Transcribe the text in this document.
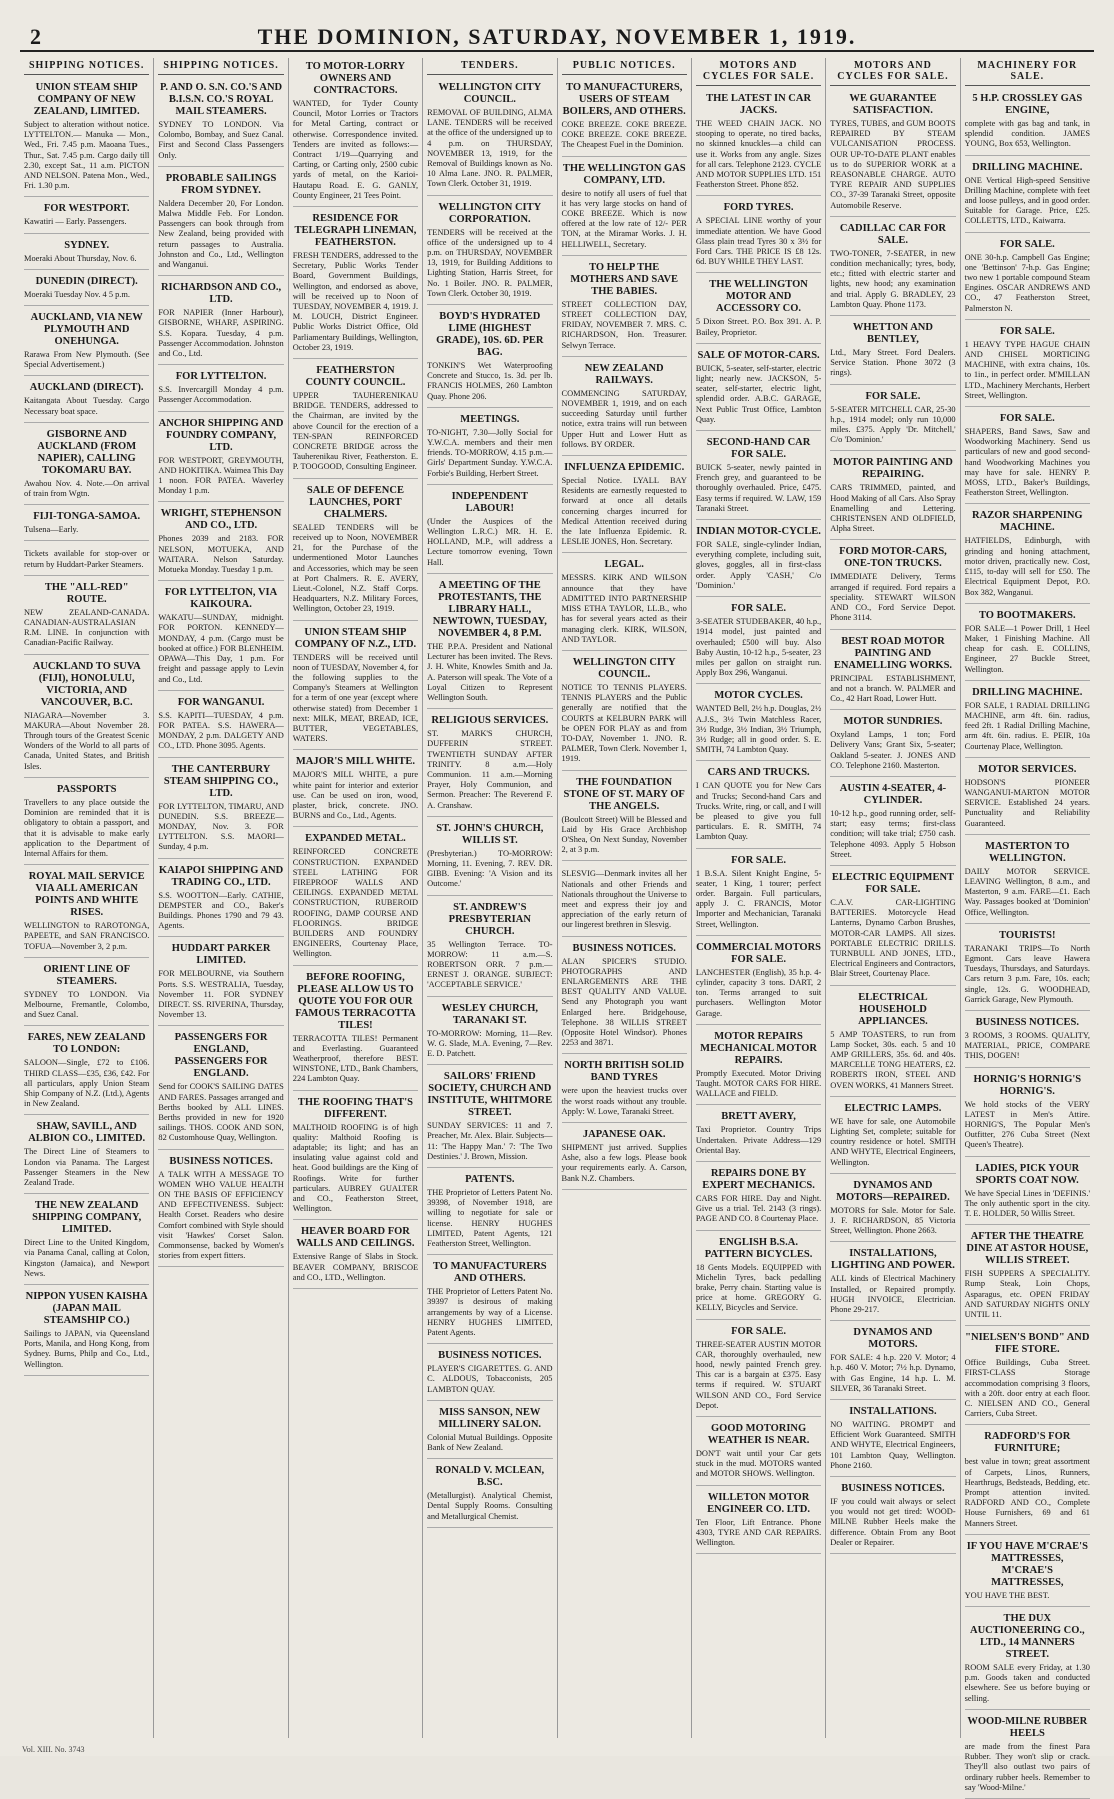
2	THE DOMINION, SATURDAY, NOVEMBER 1, 1919.
SHIPPING NOTICES.
UNION STEAM SHIP COMPANY OF NEW ZEALAND, LIMITED.
Subject to alteration without notice. LYTTELTON.— Manuka — Mon., Wed., Fri. 7.45 p.m. Maoana Tues., Thur., Sat. 7.45 p.m. Cargo daily till 2.30, except Sat., 11 a.m. PICTON AND NELSON. Patena Mon., Wed., Fri. 1.30 p.m.
FOR WESTPORT.
Kawatiri — Early. Passengers.
SYDNEY.
Moeraki About Thursday, Nov. 6.
DUNEDIN (DIRECT).
Moeraki Tuesday Nov. 4 5 p.m.
AUCKLAND, VIA NEW PLYMOUTH AND ONEHUNGA.
Rarawa From New Plymouth. (See Special Advertisement.)
AUCKLAND (DIRECT).
Kaitangata About Tuesday. Cargo Necessary boat space.
GISBORNE AND AUCKLAND (FROM NAPIER), CALLING TOKOMARU BAY.
Awahou Nov. 4. Note.—On arrival of train from Wgtn.
FIJI-TONGA-SAMOA.
Tulsena—Early.
Tickets available for stop-over or return by Huddart-Parker Steamers.
THE "ALL-RED" ROUTE.
NEW ZEALAND-CANADA. CANADIAN-AUSTRALASIAN R.M. LINE. In conjunction with Canadian-Pacific Railway.
AUCKLAND TO SUVA (FIJI), HONOLULU, VICTORIA, AND VANCOUVER, B.C.
NIAGARA—November 3. MAKURA—About November 28. Through tours of the Greatest Scenic Wonders of the World to all parts of Canada, United States, and British Isles.
PASSPORTS
Travellers to any place outside the Dominion are reminded that it is obligatory to obtain a passport, and that it is advisable to make early application to the Department of Internal Affairs for them.
ROYAL MAIL SERVICE VIA ALL AMERICAN POINTS AND WHITE RISES.
WELLINGTON to RAROTONGA, PAPEETE, and SAN FRANCISCO. TOFUA—November 3, 2 p.m.
ORIENT LINE OF STEAMERS.
SYDNEY TO LONDON. Via Melbourne, Fremantle, Colombo, and Suez Canal.
FARES, NEW ZEALAND TO LONDON:
SALOON—Single, £72 to £106. THIRD CLASS—£35, £36, £42. For all particulars, apply Union Steam Ship Company of N.Z. (Ltd.), Agents in New Zealand.
SHAW, SAVILL, AND ALBION CO., LIMITED.
The Direct Line of Steamers to London via Panama. The Largest Passenger Steamers in the New Zealand Trade.
THE NEW ZEALAND SHIPPING COMPANY, LIMITED.
Direct Line to the United Kingdom, via Panama Canal, calling at Colon, Kingston (Jamaica), and Newport News.
NIPPON YUSEN KAISHA (JAPAN MAIL STEAMSHIP CO.)
Sailings to JAPAN, via Queensland Ports, Manila, and Hong Kong, from Sydney. Burns, Philp and Co., Ltd., Wellington.
SHIPPING NOTICES.
P. AND O. S.N. CO.'S AND B.I.S.N. CO.'S ROYAL MAIL STEAMERS.
SYDNEY TO LONDON. Via Colombo, Bombay, and Suez Canal. First and Second Class Passengers Only.
PROBABLE SAILINGS FROM SYDNEY.
Naldera December 20, For London. Malwa Middle Feb. For London. Passengers can book through from New Zealand, being provided with return passages to Australia. Johnston and Co., Ltd., Wellington and Wanganui.
RICHARDSON AND CO., LTD.
FOR NAPIER (Inner Harbour), GISBORNE, WHARF, ASPIRING. S.S. Kopara. Tuesday, 4 p.m. Passenger Accommodation. Johnston and Co., Ltd.
FOR LYTTELTON.
S.S. Invercargill Monday 4 p.m. Passenger Accommodation.
ANCHOR SHIPPING AND FOUNDRY COMPANY, LTD.
FOR WESTPORT, GREYMOUTH, AND HOKITIKA. Waimea This Day 1 noon. FOR PATEA. Waverley Monday 1 p.m.
WRIGHT, STEPHENSON AND CO., LTD.
Phones 2039 and 2183. FOR NELSON, MOTUEKA, AND WAITARA. Nelson Saturday. Motueka Monday. Tuesday 1 p.m.
FOR LYTTELTON, VIA KAIKOURA.
WAKATU—SUNDAY, midnight. FOR PORTON. KENNEDY—MONDAY, 4 p.m. (Cargo must be booked at office.) FOR BLENHEIM. OPAWA—This Day, 1 p.m. For freight and passage apply to Levin and Co., Ltd.
FOR WANGANUI.
S.S. KAPITI—TUESDAY, 4 p.m. FOR PATEA. S.S. HAWERA—MONDAY, 2 p.m. DALGETY AND CO., LTD. Phone 3095. Agents.
THE CANTERBURY STEAM SHIPPING CO., LTD.
FOR LYTTELTON, TIMARU, AND DUNEDIN. S.S. BREEZE—MONDAY, Nov. 3. FOR LYTTELTON. S.S. MAORI—Sunday, 4 p.m.
KAIAPOI SHIPPING AND TRADING CO., LTD.
S.S. WOOTTON—Early. CATHIE, DEMPSTER and CO., Baker's Buildings. Phones 1790 and 79 43. Agents.
HUDDART PARKER LIMITED.
FOR MELBOURNE, via Southern Ports. S.S. WESTRALIA, Tuesday, November 11. FOR SYDNEY DIRECT. SS. RIVERINA, Thursday, November 13.
PASSENGERS FOR ENGLAND, PASSENGERS FOR ENGLAND.
Send for COOK'S SAILING DATES AND FARES. Passages arranged and Berths booked by ALL LINES. Berths provided in new for 1920 sailings. THOS. COOK AND SON, 82 Customhouse Quay, Wellington.
BUSINESS NOTICES.
A TALK WITH A MESSAGE TO WOMEN WHO VALUE HEALTH ON THE BASIS OF EFFICIENCY AND EFFECTIVENESS. Subject: Health Corset. Readers who desire Comfort combined with Style should visit 'Hawkes' Corset Salon. Commonsense, backed by Women's stories from expert fitters.
TO MOTOR-LORRY OWNERS AND CONTRACTORS.
WANTED, for Tyder County Council, Motor Lorries or Tractors for Metal Carting, contract or otherwise. Correspondence invited. Tenders are invited as follows:— Contract 1/19—Quarrying and Carting, or Carting only, 2500 cubic yards of metal, on the Karioi-Hautapu Road. E. G. GANLY, County Engineer, 21 Tees Point.
RESIDENCE FOR TELEGRAPH LINEMAN, FEATHERSTON.
FRESH TENDERS, addressed to the Secretary, Public Works Tender Board, Government Buildings, Wellington, and endorsed as above, will be received up to Noon of TUESDAY, NOVEMBER 4, 1919. J. M. LOUCH, District Engineer. Public Works District Office, Old Parliamentary Buildings, Wellington, October 23, 1919.
FEATHERSTON COUNTY COUNCIL.
UPPER TAUHERENIKAU BRIDGE. TENDERS, addressed to the Chairman, are invited by the above Council for the erection of a TEN-SPAN REINFORCED CONCRETE BRIDGE across the Tauherenikau River, Featherston. E. P. TOOGOOD, Consulting Engineer.
SALE OF DEFENCE LAUNCHES, PORT CHALMERS.
SEALED TENDERS will be received up to Noon, NOVEMBER 21, for the Purchase of the undermentioned Motor Launches and Accessories, which may be seen at Port Chalmers. R. E. AVERY, Lieut.-Colonel, N.Z. Staff Corps. Headquarters, N.Z. Military Forces, Wellington, October 23, 1919.
UNION STEAM SHIP COMPANY OF N.Z., LTD.
TENDERS will be received until noon of TUESDAY, November 4, for the following supplies to the Company's Steamers at Wellington for a term of one year (except where otherwise stated) from December 1 next: MILK, MEAT, BREAD, ICE, BUTTER, VEGETABLES, WATERS.
MAJOR'S MILL WHITE.
MAJOR'S MILL WHITE, a pure white paint for interior and exterior use. Can be used on iron, wood, plaster, brick, concrete. JNO. BURNS and Co., Ltd., Agents.
EXPANDED METAL.
REINFORCED CONCRETE CONSTRUCTION. EXPANDED STEEL LATHING FOR FIREPROOF WALLS AND CEILINGS. EXPANDED METAL CONSTRUCTION, RUBEROID ROOFING, DAMP COURSE AND FLOORINGS. BRIDGE BUILDERS AND FOUNDRY ENGINEERS, Courtenay Place, Wellington.
BEFORE ROOFING, PLEASE ALLOW US TO QUOTE YOU FOR OUR FAMOUS TERRACOTTA TILES!
TERRACOTTA TILES! Permanent and Everlasting. Guaranteed Weatherproof, therefore BEST. WINSTONE, LTD., Bank Chambers, 224 Lambton Quay.
THE ROOFING THAT'S DIFFERENT.
MALTHOID ROOFING is of high quality: Malthoid Roofing is adaptable; its light; and has an insulating value against cold and heat. Good buildings are the King of Roofings. Write for further particulars. AUBREY GUALTER and CO., Featherston Street, Wellington.
HEAVER BOARD FOR WALLS AND CEILINGS.
Extensive Range of Slabs in Stock. BEAVER COMPANY, BRISCOE and CO., LTD., Wellington.
TENDERS.
WELLINGTON CITY COUNCIL.
REMOVAL OF BUILDING, ALMA LANE. TENDERS will be received at the office of the undersigned up to 4 p.m. on THURSDAY, NOVEMBER 13, 1919, for the Removal of Buildings known as No. 10 Alma Lane. JNO. R. PALMER, Town Clerk. October 31, 1919.
WELLINGTON CITY CORPORATION.
TENDERS will be received at the office of the undersigned up to 4 p.m. on THURSDAY, NOVEMBER 13, 1919, for Building Additions to Lighting Station, Harris Street, for No. 1 Boiler. JNO. R. PALMER, Town Clerk. October 30, 1919.
BOYD'S HYDRATED LIME (HIGHEST GRADE), 10S. 6D. PER BAG.
TONKIN'S Wet Waterproofing Concrete and Stucco, 1s. 3d. per lb. FRANCIS HOLMES, 260 Lambton Quay. Phone 206.
MEETINGS.
TO-NIGHT, 7.30—Jolly Social for Y.W.C.A. members and their men friends. TO-MORROW, 4.15 p.m.—Girls' Department Sunday. Y.W.C.A. Forbie's Building, Herbert Street.
INDEPENDENT LABOUR!
(Under the Auspices of the Wellington L.R.C.) MR. H. E. HOLLAND, M.P., will address a Lecture tomorrow evening, Town Hall.
A MEETING OF THE PROTESTANTS, THE LIBRARY HALL, NEWTOWN, TUESDAY, NOVEMBER 4, 8 P.M.
THE P.P.A. President and National Lecturer has been invited. The Revs. J. H. White, Knowles Smith and Ja. A. Paterson will speak. The Vote of a Loyal Citizen to Represent Wellington South.
RELIGIOUS SERVICES.
ST. MARK'S CHURCH, DUFFERIN STREET. TWENTIETH SUNDAY AFTER TRINITY. 8 a.m.—Holy Communion. 11 a.m.—Morning Prayer, Holy Communion, and Sermon. Preacher: The Reverend F. A. Cranshaw.
ST. JOHN'S CHURCH, WILLIS ST.
(Presbyterian.) TO-MORROW: Morning, 11. Evening, 7. REV. DR. GIBB. Evening: 'A Vision and its Outcome.'
ST. ANDREW'S PRESBYTERIAN CHURCH.
35 Wellington Terrace. TO-MORROW: 11 a.m.—S. ROBERTSON ORR. 7 p.m.—ERNEST J. ORANGE. SUBJECT: 'ACCEPTABLE SERVICE.'
WESLEY CHURCH, TARANAKI ST.
TO-MORROW: Morning, 11—Rev. W. G. Slade, M.A. Evening, 7—Rev. E. D. Patchett.
SAILORS' FRIEND SOCIETY, CHURCH AND INSTITUTE, WHITMORE STREET.
SUNDAY SERVICES: 11 and 7. Preacher, Mr. Alex. Blair. Subjects—11: 'The Happy Man.' 7: 'The Two Destinies.' J. Brown, Mission.
PATENTS.
THE Proprietor of Letters Patent No. 39398, of November 1918, are willing to negotiate for sale or license. HENRY HUGHES LIMITED, Patent Agents, 121 Featherston Street, Wellington.
TO MANUFACTURERS AND OTHERS.
THE Proprietor of Letters Patent No. 39397 is desirous of making arrangements by way of a License. HENRY HUGHES LIMITED, Patent Agents.
BUSINESS NOTICES.
PLAYER'S CIGARETTES. G. AND C. ALDOUS, Tobacconists, 205 LAMBTON QUAY.
MISS SANSON, NEW MILLINERY SALON.
Colonial Mutual Buildings. Opposite Bank of New Zealand.
RONALD V. MCLEAN, B.SC.
(Metallurgist). Analytical Chemist, Dental Supply Rooms. Consulting and Metallurgical Chemist.
PUBLIC NOTICES.
TO MANUFACTURERS, USERS OF STEAM BOILERS, AND OTHERS.
COKE BREEZE. COKE BREEZE. COKE BREEZE. COKE BREEZE. The Cheapest Fuel in the Dominion.
THE WELLINGTON GAS COMPANY, LTD.
desire to notify all users of fuel that it has very large stocks on hand of COKE BREEZE. Which is now offered at the low rate of 12/- PER TON, at the Miramar Works. J. H. HELLIWELL, Secretary.
TO HELP THE MOTHERS AND SAVE THE BABIES.
STREET COLLECTION DAY, STREET COLLECTION DAY, FRIDAY, NOVEMBER 7. MRS. C. RICHARDSON, Hon. Treasurer. Selwyn Terrace.
NEW ZEALAND RAILWAYS.
COMMENCING SATURDAY, NOVEMBER 1, 1919, and on each succeeding Saturday until further notice, extra trains will run between Upper Hutt and Lower Hutt as follows. BY ORDER.
INFLUENZA EPIDEMIC.
Special Notice. LYALL BAY Residents are earnestly requested to forward at once all details concerning charges incurred for Medical Attention received during the late Influenza Epidemic. R. LESLIE JONES, Hon. Secretary.
LEGAL.
MESSRS. KIRK AND WILSON announce that they have ADMITTED INTO PARTNERSHIP MISS ETHA TAYLOR, LL.B., who has for several years acted as their managing clerk. KIRK, WILSON, AND TAYLOR.
WELLINGTON CITY COUNCIL.
NOTICE TO TENNIS PLAYERS. TENNIS PLAYERS and the Public generally are notified that the COURTS at KELBURN PARK will be OPEN FOR PLAY as and from TO-DAY, November 1. JNO. R. PALMER, Town Clerk. November 1, 1919.
THE FOUNDATION STONE OF ST. MARY OF THE ANGELS.
(Boulcott Street) Will be Blessed and Laid by His Grace Archbishop O'Shea, On Next Sunday, November 2, at 3 p.m.
SLESVIG—Denmark invites all her Nationals and other Friends and Nationals throughout the Universe to meet and express their joy and appreciation of the early return of our lingerest brethren in Slesvig.
BUSINESS NOTICES.
ALAN SPICER'S STUDIO. PHOTOGRAPHS AND ENLARGEMENTS ARE THE BEST QUALITY AND VALUE. Send any Photograph you want Enlarged here. Bridgehouse, Telephone. 38 WILLIS STREET (Opposite Hotel Windsor). Phones 2253 and 3871.
NORTH BRITISH SOLID BAND TYRES
were upon the heaviest trucks over the worst roads without any trouble. Apply: W. Lowe, Taranaki Street.
JAPANESE OAK.
SHIPMENT just arrived. Supplies Ashe, also a few logs. Please book your requirements early. A. Carson, Bank N.Z. Chambers.
MOTORS AND CYCLES FOR SALE.
THE LATEST IN CAR JACKS.
THE WEED CHAIN JACK. NO stooping to operate, no tired backs, no skinned knuckles—a child can use it. Works from any angle. Sizes for all cars. Telephone 2123. CYCLE AND MOTOR SUPPLIES LTD. 151 Featherston Street. Phone 852.
FORD TYRES.
A SPECIAL LINE worthy of your immediate attention. We have Good Glass plain tread Tyres 30 x 3½ for Ford Cars. THE PRICE IS £8 12s. 6d. BUY WHILE THEY LAST.
THE WELLINGTON MOTOR AND ACCESSORY CO.
5 Dixon Street. P.O. Box 391. A. P. Bailey, Proprietor.
SALE OF MOTOR-CARS.
BUICK, 5-seater, self-starter, electric light; nearly new. JACKSON, 5-seater, self-starter, electric light, splendid order. A.B.C. GARAGE, Next Public Trust Office, Lambton Quay.
SECOND-HAND CAR FOR SALE.
BUICK 5-seater, newly painted in French grey, and guaranteed to be thoroughly overhauled. Price, £475. Easy terms if required. W. LAW, 159 Taranaki Street.
INDIAN MOTOR-CYCLE.
FOR SALE, single-cylinder Indian, everything complete, including suit, gloves, goggles, all in first-class order. Apply 'CASH,' C/o 'Dominion.'
FOR SALE.
3-SEATER STUDEBAKER, 40 h.p., 1914 model, just painted and overhauled; £500 will buy. Also Baby Austin, 10-12 h.p., 5-seater, 23 miles per gallon on straight run. Apply Box 296, Wanganui.
MOTOR CYCLES.
WANTED Bell, 2½ h.p. Douglas, 2½ A.J.S., 3½ Twin Matchless Racer, 3½ Rudge, 3½ Indian, 3½ Triumph, 3½ Rudge; all in good order. S. E. SMITH, 74 Lambton Quay.
CARS AND TRUCKS.
I CAN QUOTE you for New Cars and Trucks; Second-hand Cars and Trucks. Write, ring, or call, and I will be pleased to give you full particulars. E. R. SMITH, 74 Lambton Quay.
FOR SALE.
1 B.S.A. Silent Knight Engine, 5-seater, 1 King, 1 tourer; perfect order. Bargain. Full particulars, apply J. C. FRANCIS, Motor Importer and Mechanician, Taranaki Street, Wellington.
COMMERCIAL MOTORS FOR SALE.
LANCHESTER (English), 35 h.p. 4-cylinder, capacity 3 tons. DART, 2 ton. Terms arranged to suit purchasers. Wellington Motor Garage.
MOTOR REPAIRS MECHANICAL MOTOR REPAIRS.
Promptly Executed. Motor Driving Taught. MOTOR CARS FOR HIRE. WALLACE and FIELD.
BRETT AVERY,
Taxi Proprietor. Country Trips Undertaken. Private Address—129 Oriental Bay.
REPAIRS DONE BY EXPERT MECHANICS.
CARS FOR HIRE. Day and Night. Give us a trial. Tel. 2143 (3 rings). PAGE AND CO. 8 Courtenay Place.
ENGLISH B.S.A. PATTERN BICYCLES.
18 Gents Models. EQUIPPED with Michelin Tyres, back pedalling brake, Perry chain. Starting value is price at home. GREGORY G. KELLY, Bicycles and Service.
FOR SALE.
THREE-SEATER AUSTIN MOTOR CAR, thoroughly overhauled, new hood, newly painted French grey. This car is a bargain at £375. Easy terms if required. W. STUART WILSON AND CO., Ford Service Depot.
GOOD MOTORING WEATHER IS NEAR.
DON'T wait until your Car gets stuck in the mud. MOTORS wanted and MOTOR SHOWS. Wellington.
WILLETON MOTOR ENGINEER CO. LTD.
Ten Floor, Lift Entrance. Phone 4303, TYRE AND CAR REPAIRS. Wellington.
MOTORS AND CYCLES FOR SALE.
WE GUARANTEE SATISFACTION.
TYRES, TUBES, and GUM BOOTS REPAIRED BY STEAM VULCANISATION PROCESS. OUR UP-TO-DATE PLANT enables us to do SUPERIOR WORK at a REASONABLE CHARGE. AUTO TYRE REPAIR AND SUPPLIES CO., 37-39 Taranaki Street, opposite Automobile Reserve.
CADILLAC CAR FOR SALE.
TWO-TONER, 7-SEATER, in new condition mechanically; tyres, body, etc.; fitted with electric starter and lights, new hood; any examination and trial. Apply G. BRADLEY, 23 Lambton Quay. Phone 1173.
WHETTON AND BENTLEY,
Ltd., Mary Street. Ford Dealers. Service Station. Phone 3072 (3 rings).
FOR SALE.
5-SEATER MITCHELL CAR, 25-30 h.p., 1914 model; only run 10,000 miles. £375. Apply 'Dr. Mitchell,' C/o 'Dominion.'
MOTOR PAINTING AND REPAIRING.
CARS TRIMMED, painted, and Hood Making of all Cars. Also Spray Enamelling and Lettering. CHRISTENSEN AND OLDFIELD, Alpha Street.
FORD MOTOR-CARS, ONE-TON TRUCKS.
IMMEDIATE Delivery, Terms arranged if required. Ford repairs a speciality. STEWART WILSON AND CO., Ford Service Depot. Phone 3114.
BEST ROAD MOTOR PAINTING AND ENAMELLING WORKS.
PRINCIPAL ESTABLISHMENT, and not a branch. W. PALMER and Co., 42 Hart Road, Lower Hutt.
MOTOR SUNDRIES.
Oxyland Lamps, 1 ton; Ford Delivery Vans; Grant Six, 5-seater; Oakland 5-seater. J. JONES AND CO. Telephone 2160. Masterton.
AUSTIN 4-SEATER, 4-CYLINDER.
10-12 h.p., good running order, self-start; easy terms; first-class condition; will take trial; £750 cash. Telephone 4093. Apply 5 Hobson Street.
ELECTRIC EQUIPMENT FOR SALE.
C.A.V. CAR-LIGHTING BATTERIES. Motorcycle Head Lanterns, Dynamo Carbon Brushes, MOTOR-CAR LAMPS. All sizes. PORTABLE ELECTRIC DRILLS. TURNBULL AND JONES, LTD., Electrical Engineers and Contractors, Blair Street, Courtenay Place.
ELECTRICAL HOUSEHOLD APPLIANCES.
5 AMP TOASTERS, to run from Lamp Socket, 30s. each. 5 and 10 AMP GRILLERS, 35s. 6d. and 40s. MARCELLE TONG HEATERS, £2. ROBERTS IRON, STEEL AND OVEN WORKS, 41 Manners Street.
ELECTRIC LAMPS.
WE have for sale, one Automobile Lighting Set, complete; suitable for country residence or hotel. SMITH AND WHYTE, Electrical Engineers, Wellington.
DYNAMOS AND MOTORS—REPAIRED.
MOTORS for Sale. Motor for Sale. J. F. RICHARDSON, 85 Victoria Street, Wellington. Phone 2663.
INSTALLATIONS, LIGHTING AND POWER.
ALL kinds of Electrical Machinery Installed, or Repaired promptly. HUGH INVOICE, Electrician. Phone 29-217.
DYNAMOS AND MOTORS.
FOR SALE: 4 h.p. 220 V. Motor; 4 h.p. 460 V. Motor; 7½ h.p. Dynamo, with Gas Engine, 14 h.p. L. M. SILVER, 36 Taranaki Street.
INSTALLATIONS.
NO WAITING. PROMPT and Efficient Work Guaranteed. SMITH AND WHYTE, Electrical Engineers, 101 Lambton Quay, Wellington. Phone 2160.
BUSINESS NOTICES.
IF you could wait always or select you would not get tired: WOOD-MILNE Rubber Heels make the difference. Obtain From any Boot Dealer or Repairer.
MACHINERY FOR SALE.
5 H.P. CROSSLEY GAS ENGINE,
complete with gas bag and tank, in splendid condition. JAMES YOUNG, Box 653, Wellington.
DRILLING MACHINE.
ONE Vertical High-speed Sensitive Drilling Machine, complete with feet and loose pulleys, and in good order. Suitable for Garage. Price, £25. COLLETTS, LTD., Kaiwarra.
FOR SALE.
ONE 30-h.p. Campbell Gas Engine; one 'Bettinson' 7-h.p. Gas Engine; two new 1 portable compound Steam Engines. OSCAR ANDREWS AND CO., 47 Featherston Street, Palmerston N.
FOR SALE.
1 HEAVY TYPE HAGUE CHAIN AND CHISEL MORTICING MACHINE, with extra chains, 10s. to 1in., in perfect order. M'MILLAN LTD., Machinery Merchants, Herbert Street, Wellington.
FOR SALE.
SHAPERS, Band Saws, Saw and Woodworking Machinery. Send us particulars of new and good second-hand Woodworking Machines you may have for sale. HENRY P. MOSS, LTD., Baker's Buildings, Featherston Street, Wellington.
RAZOR SHARPENING MACHINE.
HATFIELDS, Edinburgh, with grinding and honing attachment, motor driven, practically new. Cost, £115, to-day will sell for £50. The Electrical Equipment Depot, P.O. Box 382, Wanganui.
TO BOOTMAKERS.
FOR SALE—1 Power Drill, 1 Heel Maker, 1 Finishing Machine. All cheap for cash. E. COLLINS, Engineer, 27 Buckle Street, Wellington.
DRILLING MACHINE.
FOR SALE, 1 RADIAL DRILLING MACHINE, arm 4ft. 6in. radius, feed 2ft. 1 Radial Drilling Machine, arm 4ft. 6in. radius. E. PEIR, 10a Courtenay Place, Wellington.
MOTOR SERVICES.
HODSON'S PIONEER WANGANUI-MARTON MOTOR SERVICE. Established 24 years. Punctuality and Reliability Guaranteed.
MASTERTON TO WELLINGTON.
DAILY MOTOR SERVICE. LEAVING Wellington, 8 a.m., and Masterton, 9 a.m. FARE—£1. Each Way. Passages booked at 'Dominion' Office, Wellington.
TOURISTS!
TARANAKI TRIPS—To North Egmont. Cars leave Hawera Tuesdays, Thursdays, and Saturdays. Cars return 3 p.m. Fare, 10s. each; single, 12s. G. WOODHEAD, Garrick Garage, New Plymouth.
BUSINESS NOTICES.
3 ROOMS, 3 ROOMS. QUALITY, MATERIAL, PRICE, COMPARE THIS, DOGEN!
HORNIG'S HORNIG'S HORNIG'S.
We hold stocks of the VERY LATEST in Men's Attire. HORNIG'S, The Popular Men's Outfitter, 276 Cuba Street (Next Queen's Theatre).
LADIES, PICK YOUR SPORTS COAT NOW.
We have Special Lines in 'DEFINIS.' The only authentic sport in the city. T. E. HOLDER, 50 Willis Street.
AFTER THE THEATRE DINE AT ASTOR HOUSE, WILLIS STREET.
FISH SUPPERS A SPECIALITY. Rump Steak, Loin Chops, Asparagus, etc. OPEN FRIDAY AND SATURDAY NIGHTS ONLY UNTIL 11.
"NIELSEN'S BOND" AND FIFE STORE.
Office Buildings, Cuba Street. FIRST-CLASS Storage accommodation comprising 3 floors, with a 20ft. door entry at each floor. C. NIELSEN AND CO., General Carriers, Cuba Street.
RADFORD'S FOR FURNITURE;
best value in town; great assortment of Carpets, Linos, Runners, Hearthrugs, Bedsteads, Bedding, etc. Prompt attention invited. RADFORD AND CO., Complete House Furnishers, 69 and 61 Manners Street.
IF YOU HAVE M'CRAE'S MATTRESSES, M'CRAE'S MATTRESSES,
YOU HAVE THE BEST.
THE DUX AUCTIONEERING CO., LTD., 14 MANNERS STREET.
ROOM SALE every Friday, at 1.30 p.m. Goods taken and conducted elsewhere. See us before buying or selling.
WOOD-MILNE RUBBER HEELS
are made from the finest Para Rubber. They won't slip or crack. They'll also outlast two pairs of ordinary rubber heels. Remember to say 'Wood-Milne.'
Vol. XIII. No. 3743
